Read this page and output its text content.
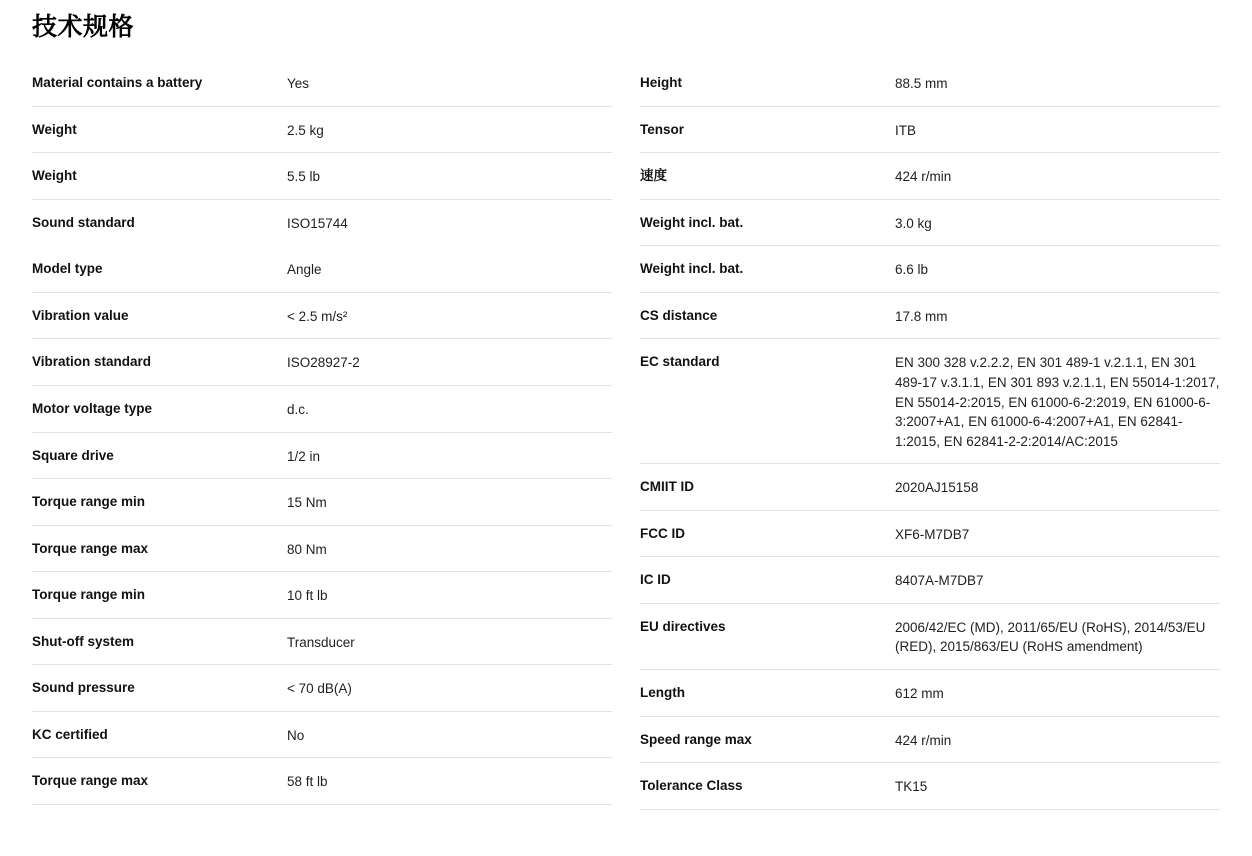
技术规格
Material contains a battery	Yes
Weight	2.5 kg
Weight	5.5 lb
Sound standard	ISO15744
Model type	Angle
Vibration value	< 2.5 m/s²
Vibration standard	ISO28927-2
Motor voltage type	d.c.
Square drive	1/2 in
Torque range min	15 Nm
Torque range max	80 Nm
Torque range min	10 ft lb
Shut-off system	Transducer
Sound pressure	< 70 dB(A)
KC certified	No
Torque range max	58 ft lb
Height	88.5 mm
Tensor	ITB
速度	424 r/min
Weight incl. bat.	3.0 kg
Weight incl. bat.	6.6 lb
CS distance	17.8 mm
EC standard	EN 300 328 v.2.2.2, EN 301 489-1 v.2.1.1, EN 301 489-17 v.3.1.1, EN 301 893 v.2.1.1, EN 55014-1:2017, EN 55014-2:2015, EN 61000-6-2:2019, EN 61000-6-3:2007+A1, EN 61000-6-4:2007+A1, EN 62841-1:2015, EN 62841-2-2:2014/AC:2015
CMIIT ID	2020AJ15158
FCC ID	XF6-M7DB7
IC ID	8407A-M7DB7
EU directives	2006/42/EC (MD), 2011/65/EU (RoHS), 2014/53/EU (RED), 2015/863/EU (RoHS amendment)
Length	612 mm
Speed range max	424 r/min
Tolerance Class	TK15
